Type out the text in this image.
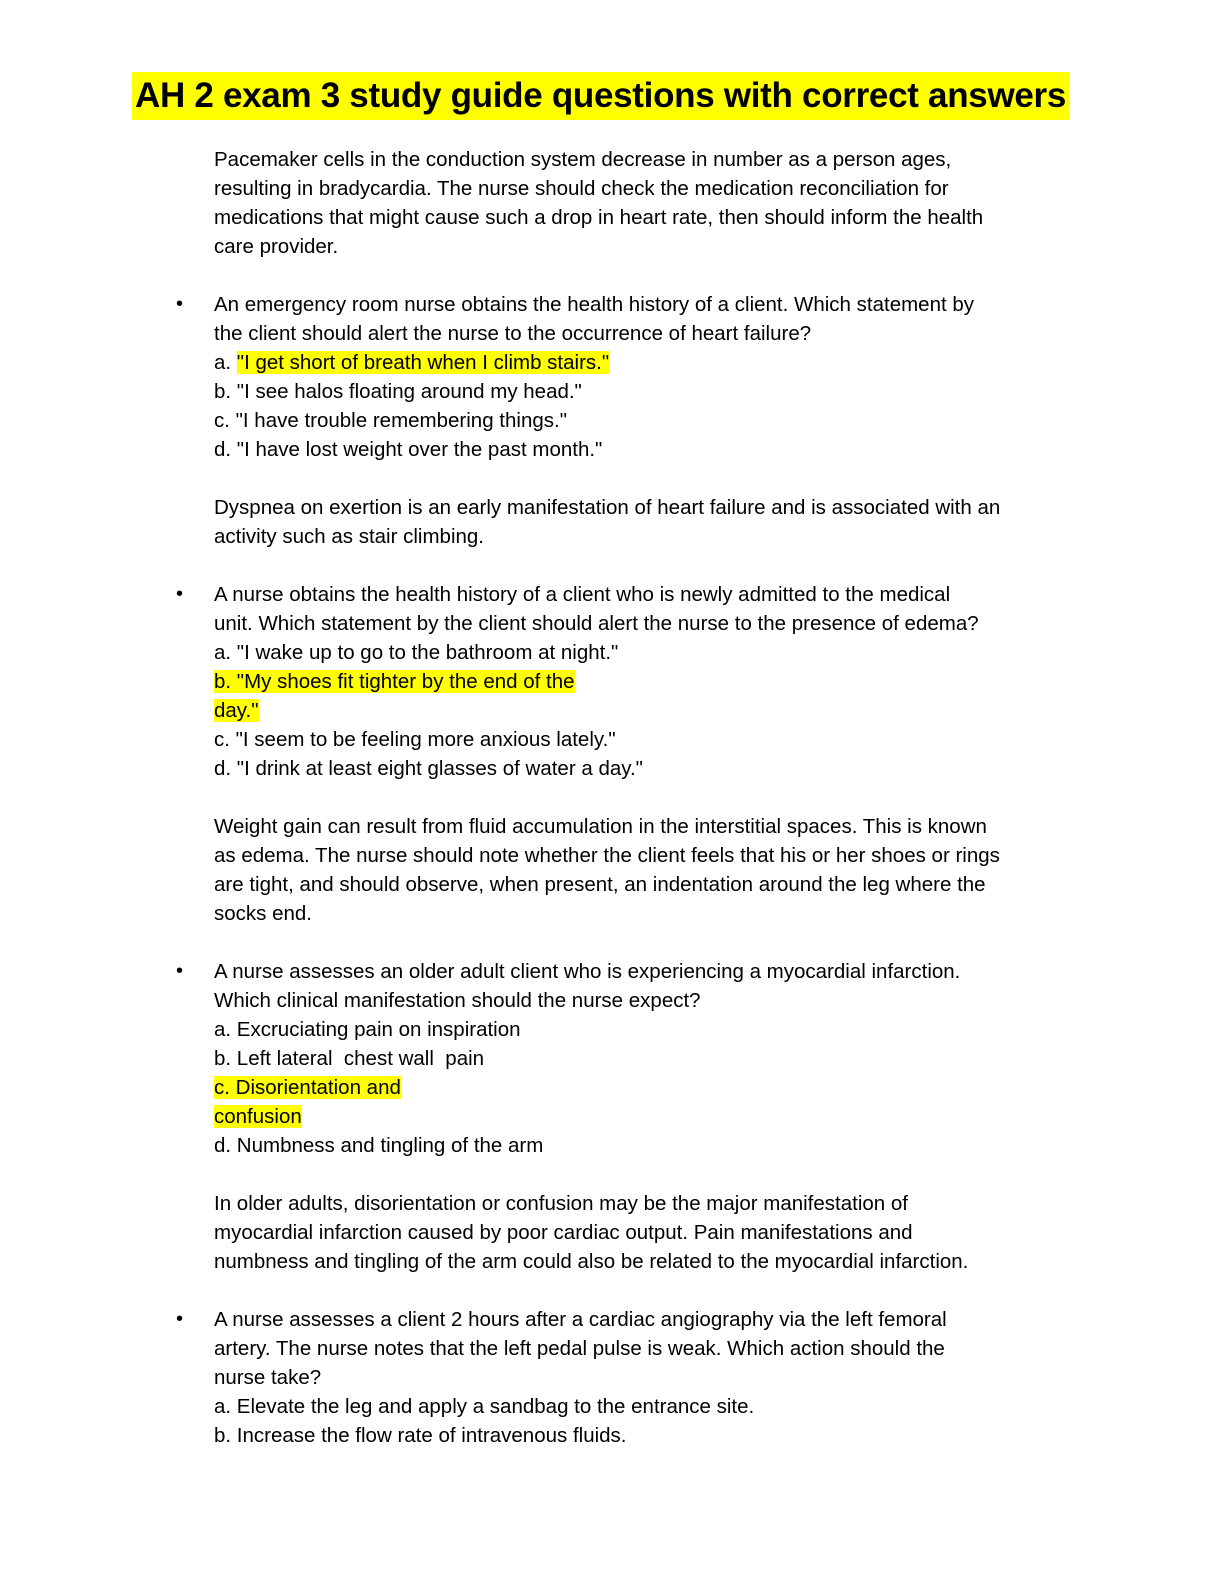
AH 2 exam 3 study guide questions with correct answers

Pacemaker cells in the conduction system decrease in number as a person ages,
resulting in bradycardia. The nurse should check the medication reconciliation for
medications that might cause such a drop in heart rate, then should inform the health
care provider.

• An emergency room nurse obtains the health history of a client. Which statement by
the client should alert the nurse to the occurrence of heart failure?
a. "I get short of breath when I climb stairs."
b. "I see halos floating around my head."
c. "I have trouble remembering things."
d. "I have lost weight over the past month."
Dyspnea on exertion is an early manifestation of heart failure and is associated with an
activity such as stair climbing.
• A nurse obtains the health history of a client who is newly admitted to the medical
unit. Which statement by the client should alert the nurse to the presence of edema?
a. "I wake up to go to the bathroom at night."
b. "My shoes fit tighter by the end of the
day."
c. "I seem to be feeling more anxious lately."
d. "I drink at least eight glasses of water a day."
Weight gain can result from fluid accumulation in the interstitial spaces. This is known
as edema. The nurse should note whether the client feels that his or her shoes or rings
are tight, and should observe, when present, an indentation around the leg where the
socks end.
• A nurse assesses an older adult client who is experiencing a myocardial infarction.
Which clinical manifestation should the nurse expect?
a. Excruciating pain on inspiration
b. Left lateral  chest wall  pain
c. Disorientation and
confusion
d. Numbness and tingling of the arm
In older adults, disorientation or confusion may be the major manifestation of
myocardial infarction caused by poor cardiac output. Pain manifestations and
numbness and tingling of the arm could also be related to the myocardial infarction.
• A nurse assesses a client 2 hours after a cardiac angiography via the left femoral
artery. The nurse notes that the left pedal pulse is weak. Which action should the
nurse take?
a. Elevate the leg and apply a sandbag to the entrance site.
b. Increase the flow rate of intravenous fluids.
